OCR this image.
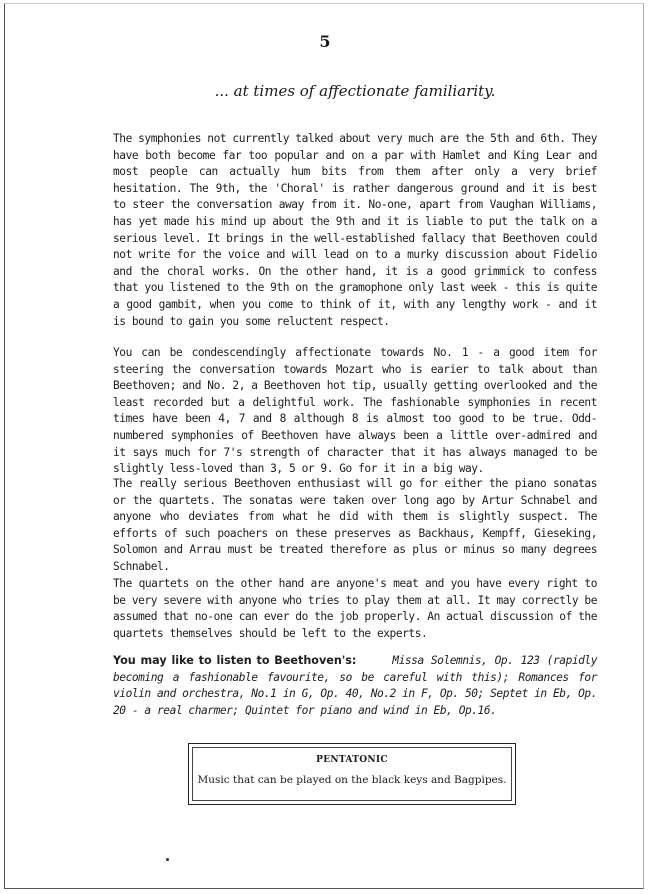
5
... at times of affectionate familiarity.
The symphonies not currently talked about very much are the 5th and 6th. They have both become far too popular and on a par with Hamlet and King Lear and most people can actually hum bits from them after only a very brief hesitation. The 9th, the 'Choral' is rather dangerous ground and it is best to steer the conversation away from it. No-one, apart from Vaughan Williams, has yet made his mind up about the 9th and it is liable to put the talk on a serious level. It brings in the well-established fallacy that Beethoven could not write for the voice and will lead on to a murky discussion about Fidelio and the choral works. On the other hand, it is a good grimmick to confess that you listened to the 9th on the gramophone only last week - this is quite a good gambit, when you come to think of it, with any lengthy work - and it is bound to gain you some reluctent respect.
You can be condescendingly affectionate towards No. 1 - a good item for steering the conversation towards Mozart who is earier to talk about than Beethoven; and No. 2, a Beethoven hot tip, usually getting overlooked and the least recorded but a delightful work. The fashionable symphonies in recent times have been 4, 7 and 8 although 8 is almost too good to be true. Odd-numbered symphonies of Beethoven have always been a little over-admired and it says much for 7's strength of character that it has always managed to be slightly less-loved than 3, 5 or 9. Go for it in a big way.
The really serious Beethoven enthusiast will go for either the piano sonatas or the quartets. The sonatas were taken over long ago by Artur Schnabel and anyone who deviates from what he did with them is slightly suspect. The efforts of such poachers on these preserves as Backhaus, Kempff, Gieseking, Solomon and Arrau must be treated therefore as plus or minus so many degrees Schnabel.
The quartets on the other hand are anyone's meat and you have every right to be very severe with anyone who tries to play them at all. It may correctly be assumed that no-one can ever do the job properly. An actual discussion of the quartets themselves should be left to the experts.
You may like to listen to Beethoven's:	Missa Solemnis, Op. 123 (rapidly becoming a fashionable favourite, so be careful with this); Romances for violin and orchestra, No.1 in G, Op. 40, No.2 in F, Op. 50; Septet in Eb, Op. 20 - a real charmer; Quintet for piano and wind in Eb, Op.16.
PENTATONIC
Music that can be played on the black keys and Bagpipes.
